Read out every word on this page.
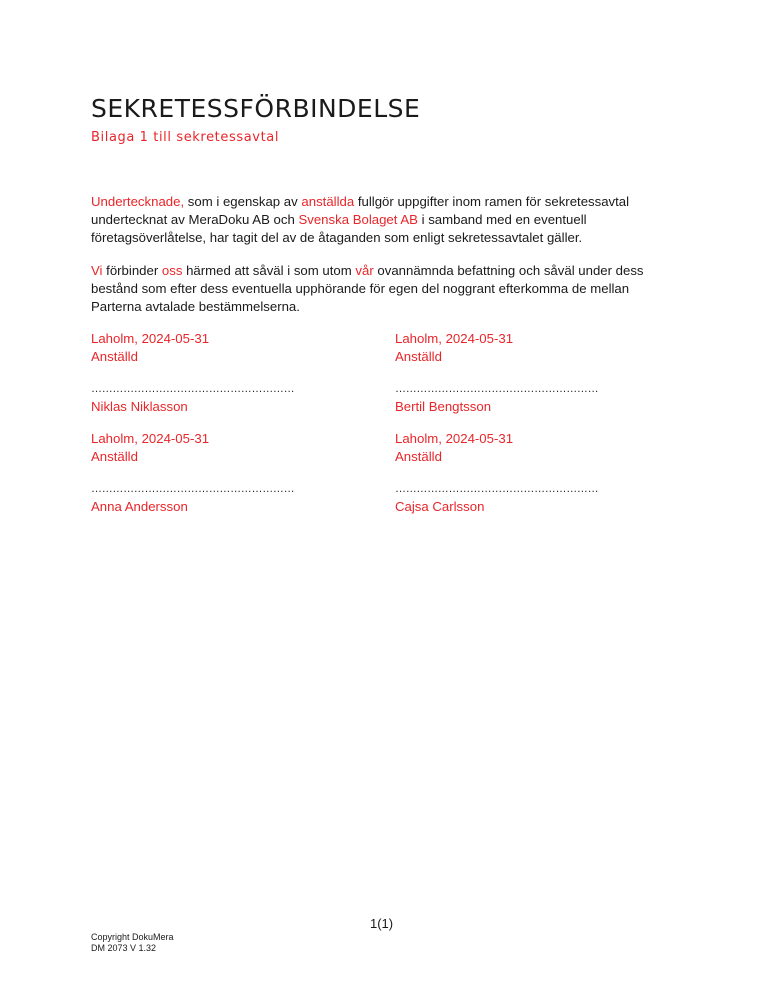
SEKRETESSFÖRBINDELSE
Bilaga 1 till sekretessavtal
Undertecknade, som i egenskap av anställda fullgör uppgifter inom ramen för sekretessavtal undertecknat av MeraDoku AB och Svenska Bolaget AB i samband med en eventuell företagsöverlåtelse, har tagit del av de åtaganden som enligt sekretessavtalet gäller.
Vi förbinder oss härmed att såväl i som utom vår ovannämnda befattning och såväl under dess bestånd som efter dess eventuella upphörande för egen del noggrant efterkomma de mellan Parterna avtalade bestämmelserna.
Laholm, 2024-05-31
Anställd
…………………………………………………
Niklas Niklasson
Laholm, 2024-05-31
Anställd
…………………………………………………
Bertil Bengtsson
Laholm, 2024-05-31
Anställd
…………………………………………………
Anna Andersson
Laholm, 2024-05-31
Anställd
…………………………………………………
Cajsa Carlsson
1(1)
Copyright DokuMera
DM 2073 V 1.32
